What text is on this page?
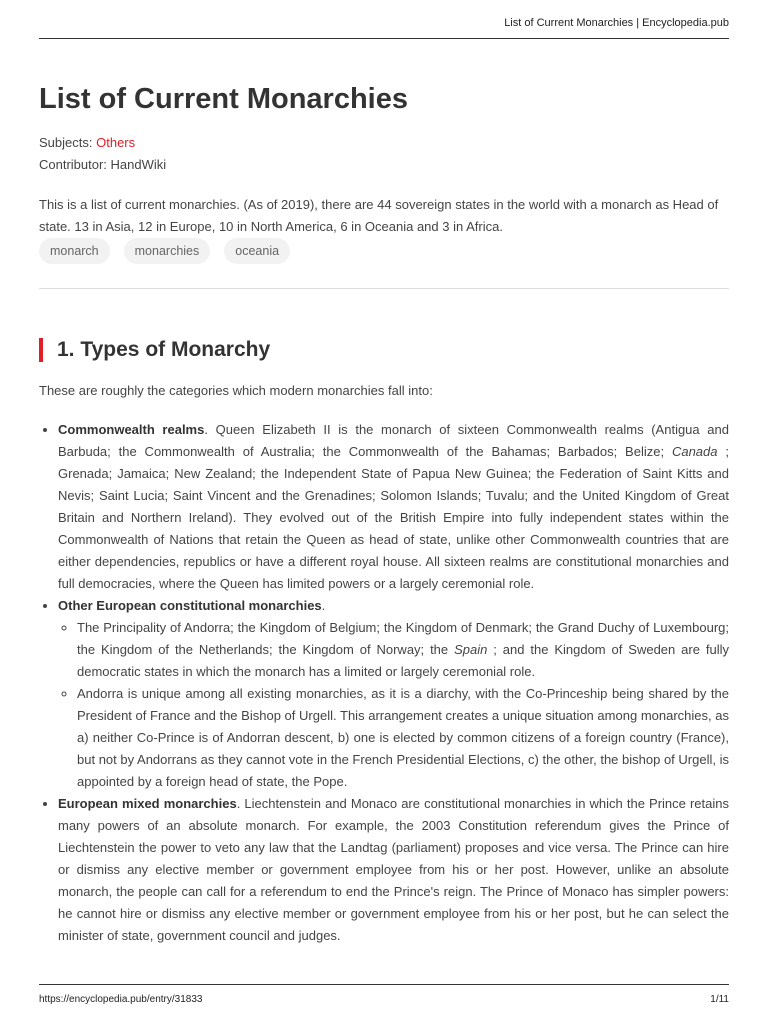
List of Current Monarchies | Encyclopedia.pub
List of Current Monarchies
Subjects: Others
Contributor: HandWiki

This is a list of current monarchies. (As of 2019), there are 44 sovereign states in the world with a monarch as Head of state. 13 in Asia, 12 in Europe, 10 in North America, 6 in Oceania and 3 in Africa.

monarch	monarchies	oceania
1. Types of Monarchy

These are roughly the categories which modern monarchies fall into:

• Commonwealth realms. Queen Elizabeth II is the monarch of sixteen Commonwealth realms (Antigua and Barbuda; the Commonwealth of Australia; the Commonwealth of the Bahamas; Barbados; Belize; Canada ; Grenada; Jamaica; New Zealand; the Independent State of Papua New Guinea; the Federation of Saint Kitts and Nevis; Saint Lucia; Saint Vincent and the Grenadines; Solomon Islands; Tuvalu; and the United Kingdom of Great Britain and Northern Ireland). They evolved out of the British Empire into fully independent states within the Commonwealth of Nations that retain the Queen as head of state, unlike other Commonwealth countries that are either dependencies, republics or have a different royal house. All sixteen realms are constitutional monarchies and full democracies, where the Queen has limited powers or a largely ceremonial role.
• Other European constitutional monarchies.
◦ The Principality of Andorra; the Kingdom of Belgium; the Kingdom of Denmark; the Grand Duchy of Luxembourg; the Kingdom of the Netherlands; the Kingdom of Norway; the Spain ; and the Kingdom of Sweden are fully democratic states in which the monarch has a limited or largely ceremonial role.
◦ Andorra is unique among all existing monarchies, as it is a diarchy, with the Co-Princeship being shared by the President of France and the Bishop of Urgell. This arrangement creates a unique situation among monarchies, as a) neither Co-Prince is of Andorran descent, b) one is elected by common citizens of a foreign country (France), but not by Andorrans as they cannot vote in the French Presidential Elections, c) the other, the bishop of Urgell, is appointed by a foreign head of state, the Pope.
• European mixed monarchies. Liechtenstein and Monaco are constitutional monarchies in which the Prince retains many powers of an absolute monarch. For example, the 2003 Constitution referendum gives the Prince of Liechtenstein the power to veto any law that the Landtag (parliament) proposes and vice versa. The Prince can hire or dismiss any elective member or government employee from his or her post. However, unlike an absolute monarch, the people can call for a referendum to end the Prince's reign. The Prince of Monaco has simpler powers: he cannot hire or dismiss any elective member or government employee from his or her post, but he can select the minister of state, government council and judges.
https://encyclopedia.pub/entry/31833	1/11
